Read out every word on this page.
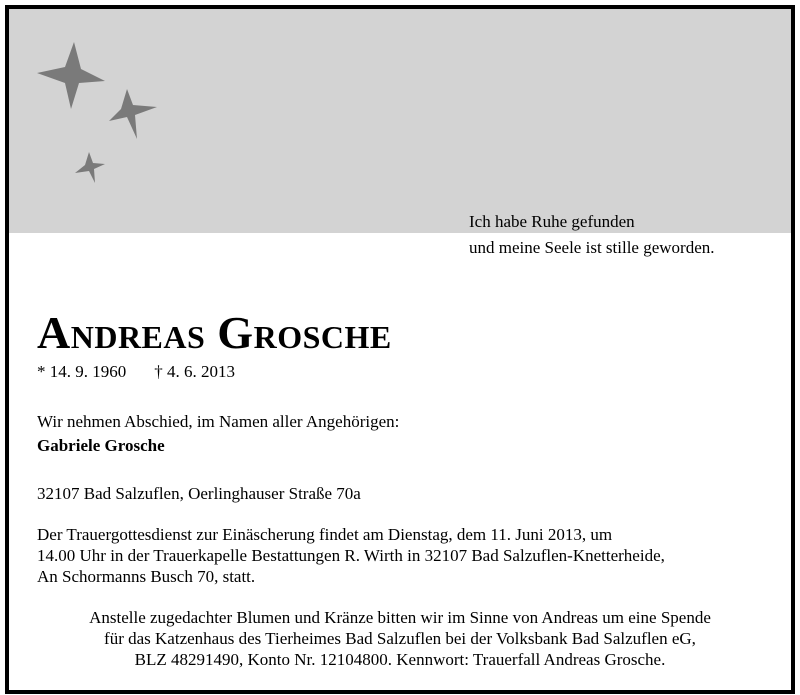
Ich habe Ruhe gefunden
und meine Seele ist stille geworden.
Andreas Grosche
* 14. 9. 1960 † 4. 6. 2013
Wir nehmen Abschied, im Namen aller Angehörigen:
Gabriele Grosche
32107 Bad Salzuflen, Oerlinghauser Straße 70a
Der Trauergottesdienst zur Einäscherung findet am Dienstag, dem 11. Juni 2013, um
14.00 Uhr in der Trauerkapelle Bestattungen R. Wirth in 32107 Bad Salzuflen-Knetterheide,
An Schormanns Busch 70, statt.
Anstelle zugedachter Blumen und Kränze bitten wir im Sinne von Andreas um eine Spende
für das Katzenhaus des Tierheimes Bad Salzuflen bei der Volksbank Bad Salzuflen eG,
BLZ 48291490, Konto Nr. 12104800. Kennwort: Trauerfall Andreas Grosche.
